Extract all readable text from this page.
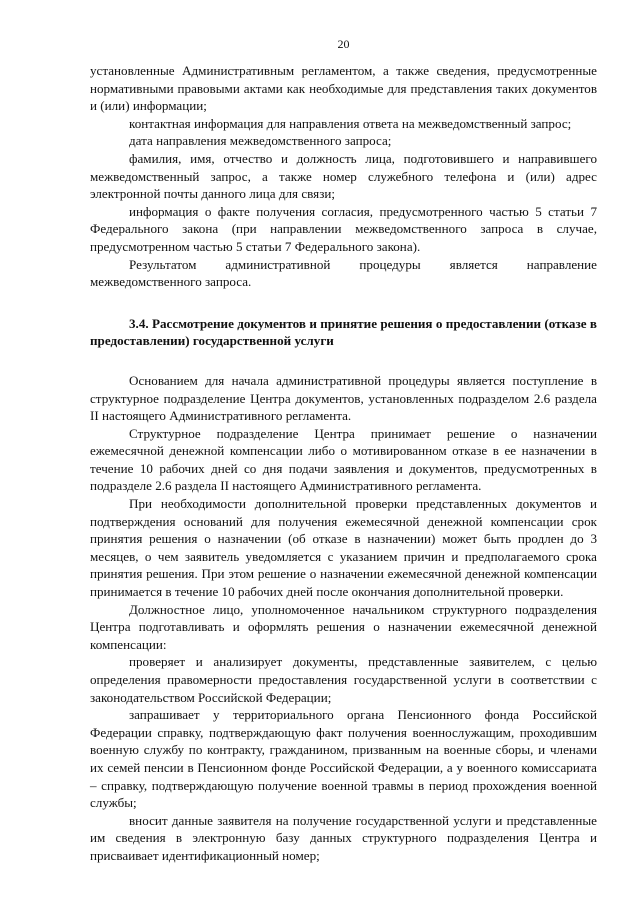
20

установленные Административным регламентом, а также сведения, предусмотренные нормативными правовыми актами как необходимые для представления таких документов и (или) информации;

контактная информация для направления ответа на межведомственный запрос;

дата направления межведомственного запроса;

фамилия, имя, отчество и должность лица, подготовившего и направившего межведомственный запрос, а также номер служебного телефона и (или) адрес электронной почты данного лица для связи;

информация о факте получения согласия, предусмотренного частью 5 статьи 7 Федерального закона (при направлении межведомственного запроса в случае, предусмотренном частью 5 статьи 7 Федерального закона).

Результатом административной процедуры является направление межведомственного запроса.

3.4. Рассмотрение документов и принятие решения о предоставлении (отказе в предоставлении) государственной услуги

Основанием для начала административной процедуры является поступление в структурное подразделение Центра документов, установленных подразделом 2.6 раздела II настоящего Административного регламента.

Структурное подразделение Центра принимает решение о назначении ежемесячной денежной компенсации либо о мотивированном отказе в ее назначении в течение 10 рабочих дней со дня подачи заявления и документов, предусмотренных в подразделе 2.6 раздела II настоящего Административного регламента.

При необходимости дополнительной проверки представленных документов и подтверждения оснований для получения ежемесячной денежной компенсации срок принятия решения о назначении (об отказе в назначении) может быть продлен до 3 месяцев, о чем заявитель уведомляется с указанием причин и предполагаемого срока принятия решения. При этом решение о назначении ежемесячной денежной компенсации принимается в течение 10 рабочих дней после окончания дополнительной проверки.

Должностное лицо, уполномоченное начальником структурного подразделения Центра подготавливать и оформлять решения о назначении ежемесячной денежной компенсации:

проверяет и анализирует документы, представленные заявителем, с целью определения правомерности предоставления государственной услуги в соответствии с законодательством Российской Федерации;

запрашивает у территориального органа Пенсионного фонда Российской Федерации справку, подтверждающую факт получения военнослужащим, проходившим военную службу по контракту, гражданином, призванным на военные сборы, и членами их семей пенсии в Пенсионном фонде Российской Федерации, а у военного комиссариата – справку, подтверждающую получение военной травмы в период прохождения военной службы;

вносит данные заявителя на получение государственной услуги и представленные им сведения в электронную базу данных структурного подразделения Центра и присваивает идентификационный номер;
